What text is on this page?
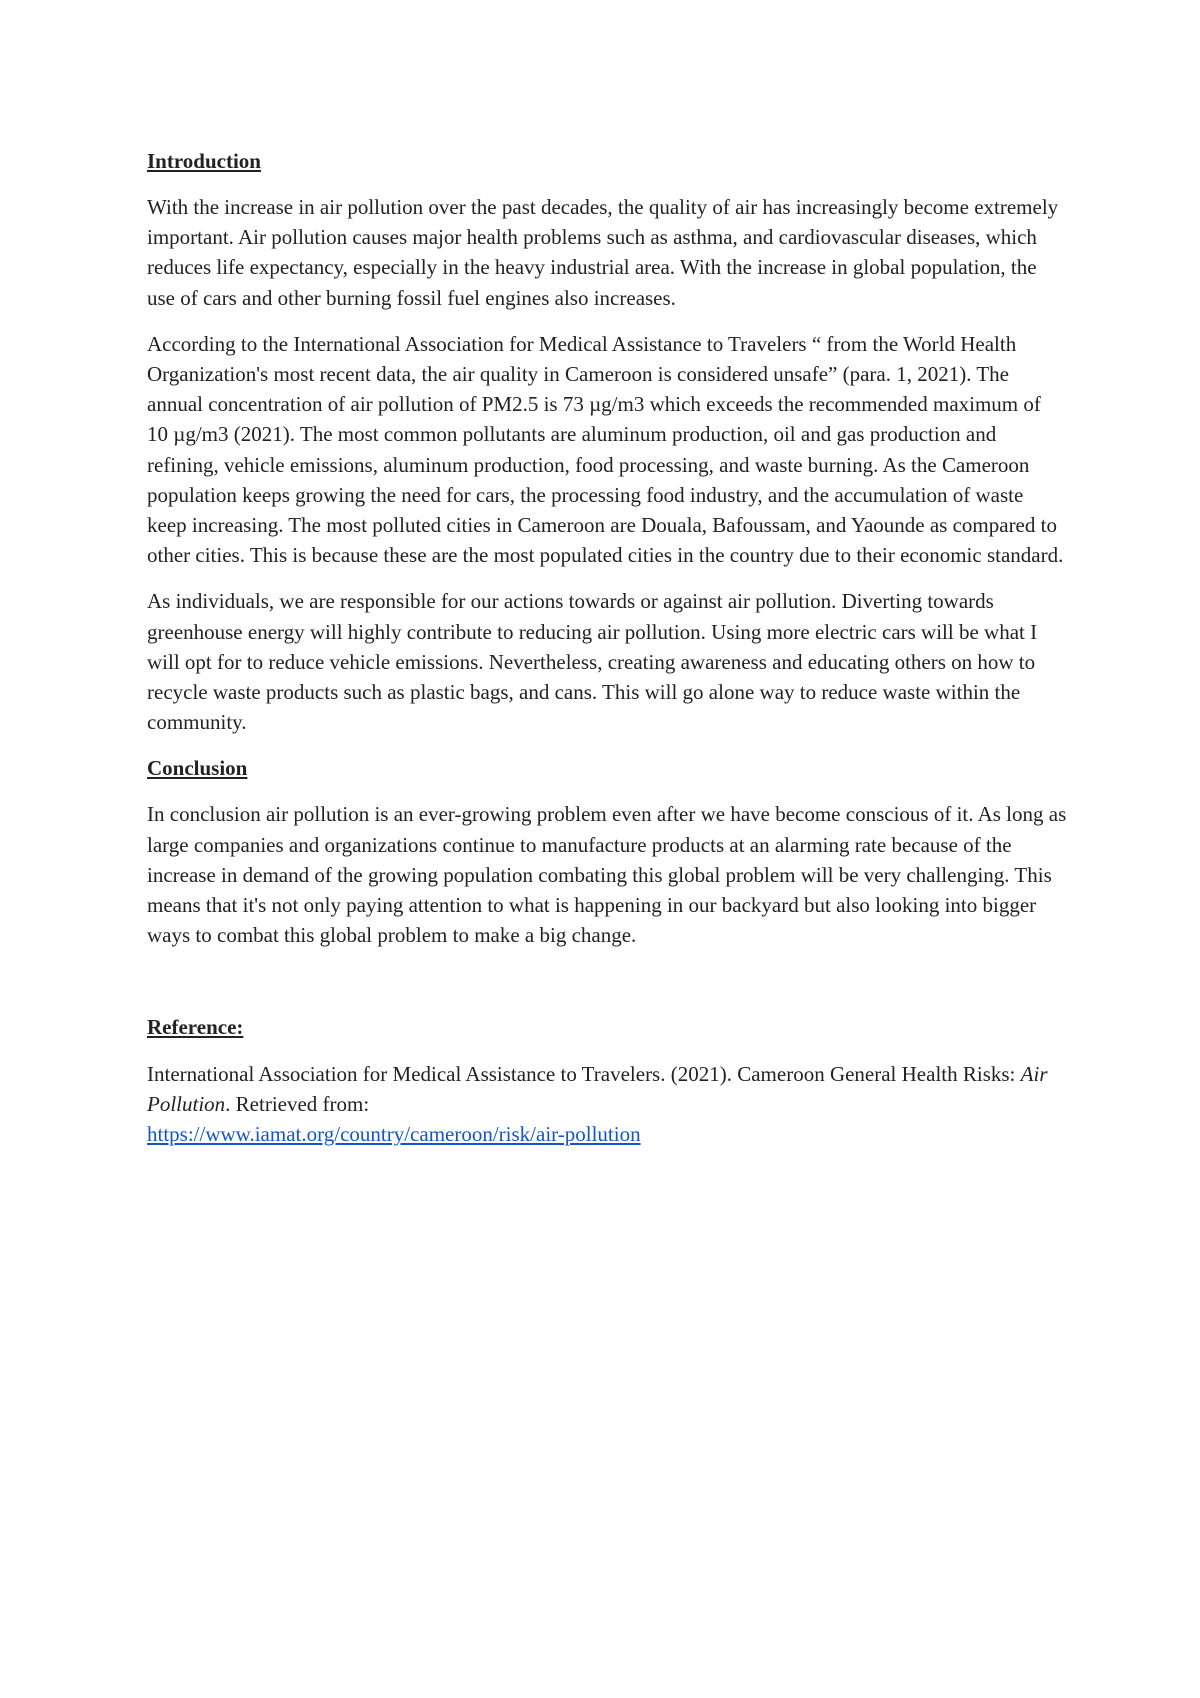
Introduction

With the increase in air pollution over the past decades, the quality of air has increasingly become extremely important. Air pollution causes major health problems such as asthma, and cardiovascular diseases, which reduces life expectancy, especially in the heavy industrial area. With the increase in global population, the use of cars and other burning fossil fuel engines also increases.

According to the International Association for Medical Assistance to Travelers “ from the World Health Organization's most recent data, the air quality in Cameroon is considered unsafe” (para. 1, 2021). The annual concentration of air pollution of PM2.5 is 73 µg/m3 which exceeds the recommended maximum of 10 µg/m3 (2021). The most common pollutants are aluminum production, oil and gas production and refining, vehicle emissions, aluminum production, food processing, and waste burning. As the Cameroon population keeps growing the need for cars, the processing food industry, and the accumulation of waste keep increasing. The most polluted cities in Cameroon are Douala, Bafoussam, and Yaounde as compared to other cities. This is because these are the most populated cities in the country due to their economic standard.

As individuals, we are responsible for our actions towards or against air pollution. Diverting towards greenhouse energy will highly contribute to reducing air pollution. Using more electric cars will be what I will opt for to reduce vehicle emissions. Nevertheless, creating awareness and educating others on how to recycle waste products such as plastic bags, and cans. This will go alone way to reduce waste within the community.

Conclusion

In conclusion air pollution is an ever-growing problem even after we have become conscious of it. As long as large companies and organizations continue to manufacture products at an alarming rate because of the increase in demand of the growing population combating this global problem will be very challenging. This means that it's not only paying attention to what is happening in our backyard but also looking into bigger ways to combat this global problem to make a big change.

Reference:

International Association for Medical Assistance to Travelers. (2021). Cameroon General Health Risks: Air Pollution. Retrieved from:
https://www.iamat.org/country/cameroon/risk/air-pollution
